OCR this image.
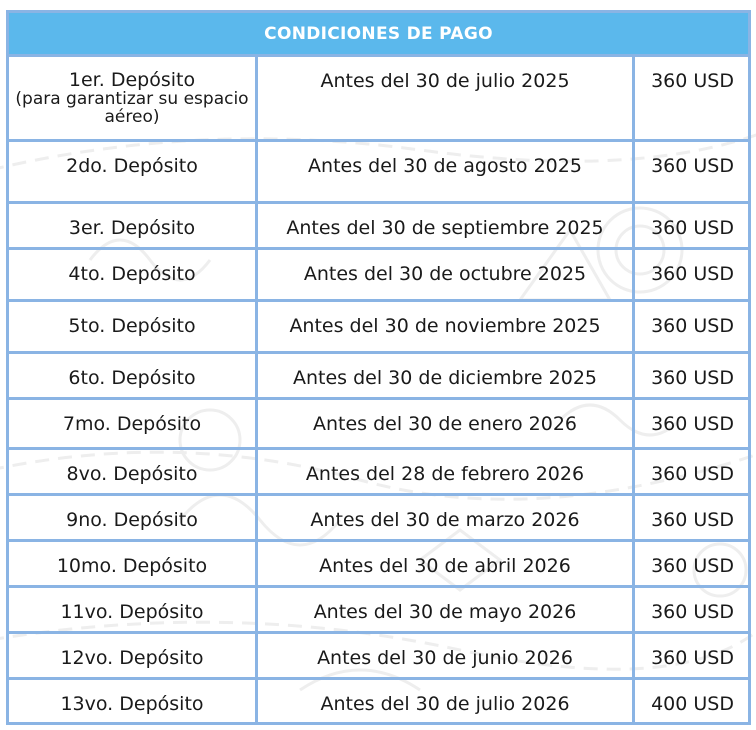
CONDICIONES DE PAGO		

1er. Depósito
(para garantizar su espacio aéreo)	Antes del 30 de julio 2025	360 USD

2do. Depósito	Antes del 30 de agosto 2025	360 USD

3er. Depósito	Antes del 30 de septiembre 2025	360 USD

4to. Depósito	Antes del 30 de octubre 2025	360 USD

5to. Depósito	Antes del 30 de noviembre 2025	360 USD

6to. Depósito	Antes del 30 de diciembre 2025	360 USD

7mo. Depósito	Antes del 30 de enero 2026	360 USD

8vo. Depósito	Antes del 28 de febrero 2026	360 USD

9no. Depósito	Antes del 30 de marzo 2026	360 USD

10mo. Depósito	Antes del 30 de abril 2026	360 USD

11vo. Depósito	Antes del 30 de mayo 2026	360 USD

12vo. Depósito	Antes del 30 de junio 2026	360 USD

13vo. Depósito	Antes del 30 de julio 2026	400 USD
